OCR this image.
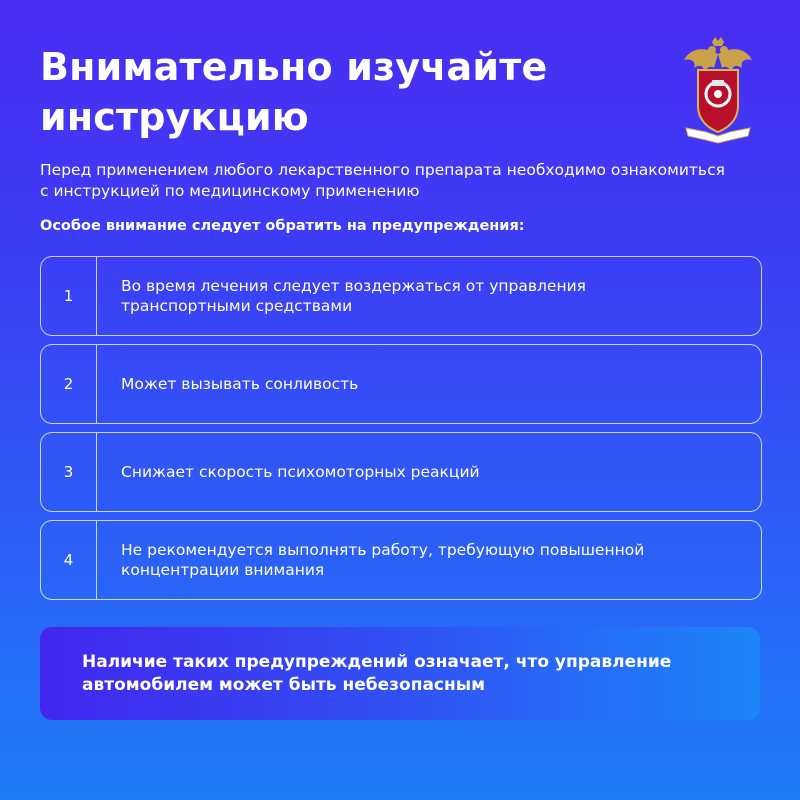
Внимательно изучайте
инструкцию
Перед применением любого лекарственного препарата необходимо ознакомиться
с инструкцией по медицинскому применению
Особое внимание следует обратить на предупреждения:
1
Во время лечения следует воздержаться от управления
транспортными средствами
2	Может вызывать сонливость
3	Снижает скорость психомоторных реакций
4
Не рекомендуется выполнять работу, требующую повышенной
концентрации внимания
Наличие таких предупреждений означает, что управление
автомобилем может быть небезопасным
